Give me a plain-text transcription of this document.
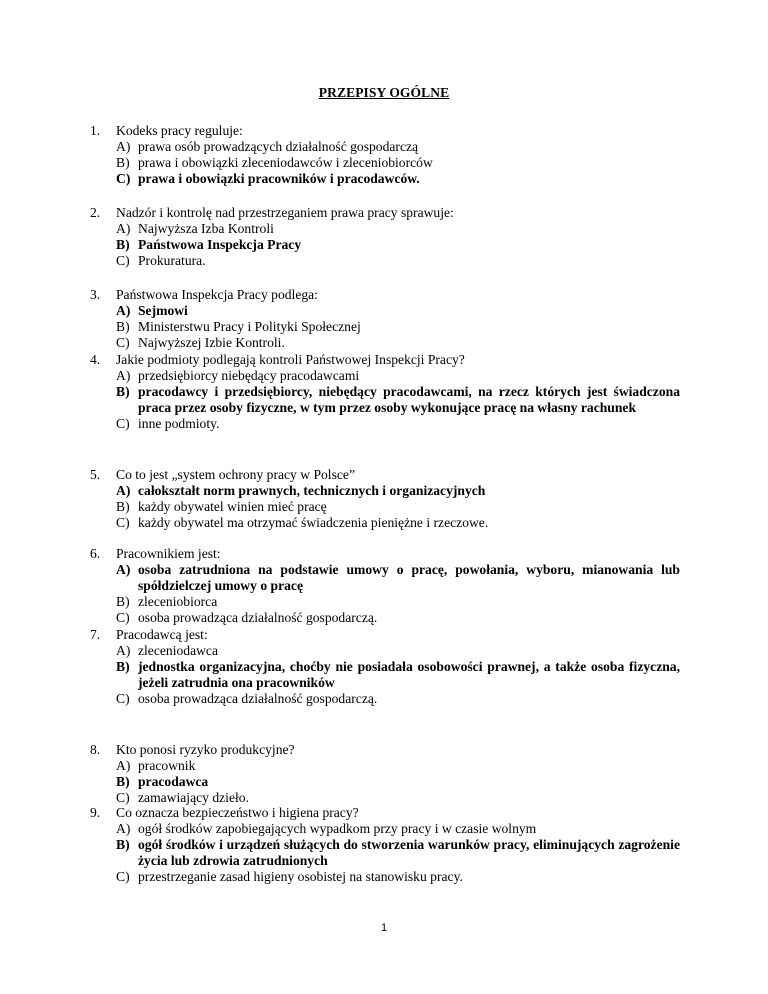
PRZEPISY OGÓLNE
1. Kodeks pracy reguluje:
A) prawa osób prowadzących działalność gospodarczą
B) prawa i obowiązki zleceniodawców i zleceniobiorców
C) prawa i obowiązki pracowników i pracodawców.
2. Nadzór i kontrolę nad przestrzeganiem prawa pracy sprawuje:
A) Najwyższa Izba Kontroli
B) Państwowa Inspekcja Pracy
C) Prokuratura.
3. Państwowa Inspekcja Pracy podlega:
A) Sejmowi
B) Ministerstwu Pracy i Polityki Społecznej
C) Najwyższej Izbie Kontroli.
4. Jakie podmioty podlegają kontroli Państwowej Inspekcji Pracy?
A) przedsiębiorcy niebędący pracodawcami
B) pracodawcy i przedsiębiorcy, niebędący pracodawcami, na rzecz których jest świadczona praca przez osoby fizyczne, w tym przez osoby wykonujące pracę na własny rachunek
C) inne podmioty.
5. Co to jest „system ochrony pracy w Polsce”
A) całokształt norm prawnych, technicznych i organizacyjnych
B) każdy obywatel winien mieć pracę
C) każdy obywatel ma otrzymać świadczenia pieniężne i rzeczowe.
6. Pracownikiem jest:
A) osoba zatrudniona na podstawie umowy o pracę, powołania, wyboru, mianowania lub spółdzielczej umowy o pracę
B) zleceniobiorca
C) osoba prowadząca działalność gospodarczą.
7. Pracodawcą jest:
A) zleceniodawca
B) jednostka organizacyjna, choćby nie posiadała osobowości prawnej, a także osoba fizyczna, jeżeli zatrudnia ona pracowników
C) osoba prowadząca działalność gospodarczą.
8. Kto ponosi ryzyko produkcyjne?
A) pracownik
B) pracodawca
C) zamawiający dzieło.
9. Co oznacza bezpieczeństwo i higiena pracy?
A) ogół środków zapobiegających wypadkom przy pracy i w czasie wolnym
B) ogół środków i urządzeń służących do stworzenia warunków pracy, eliminujących zagrożenie życia lub zdrowia zatrudnionych
C) przestrzeganie zasad higieny osobistej na stanowisku pracy.
1
